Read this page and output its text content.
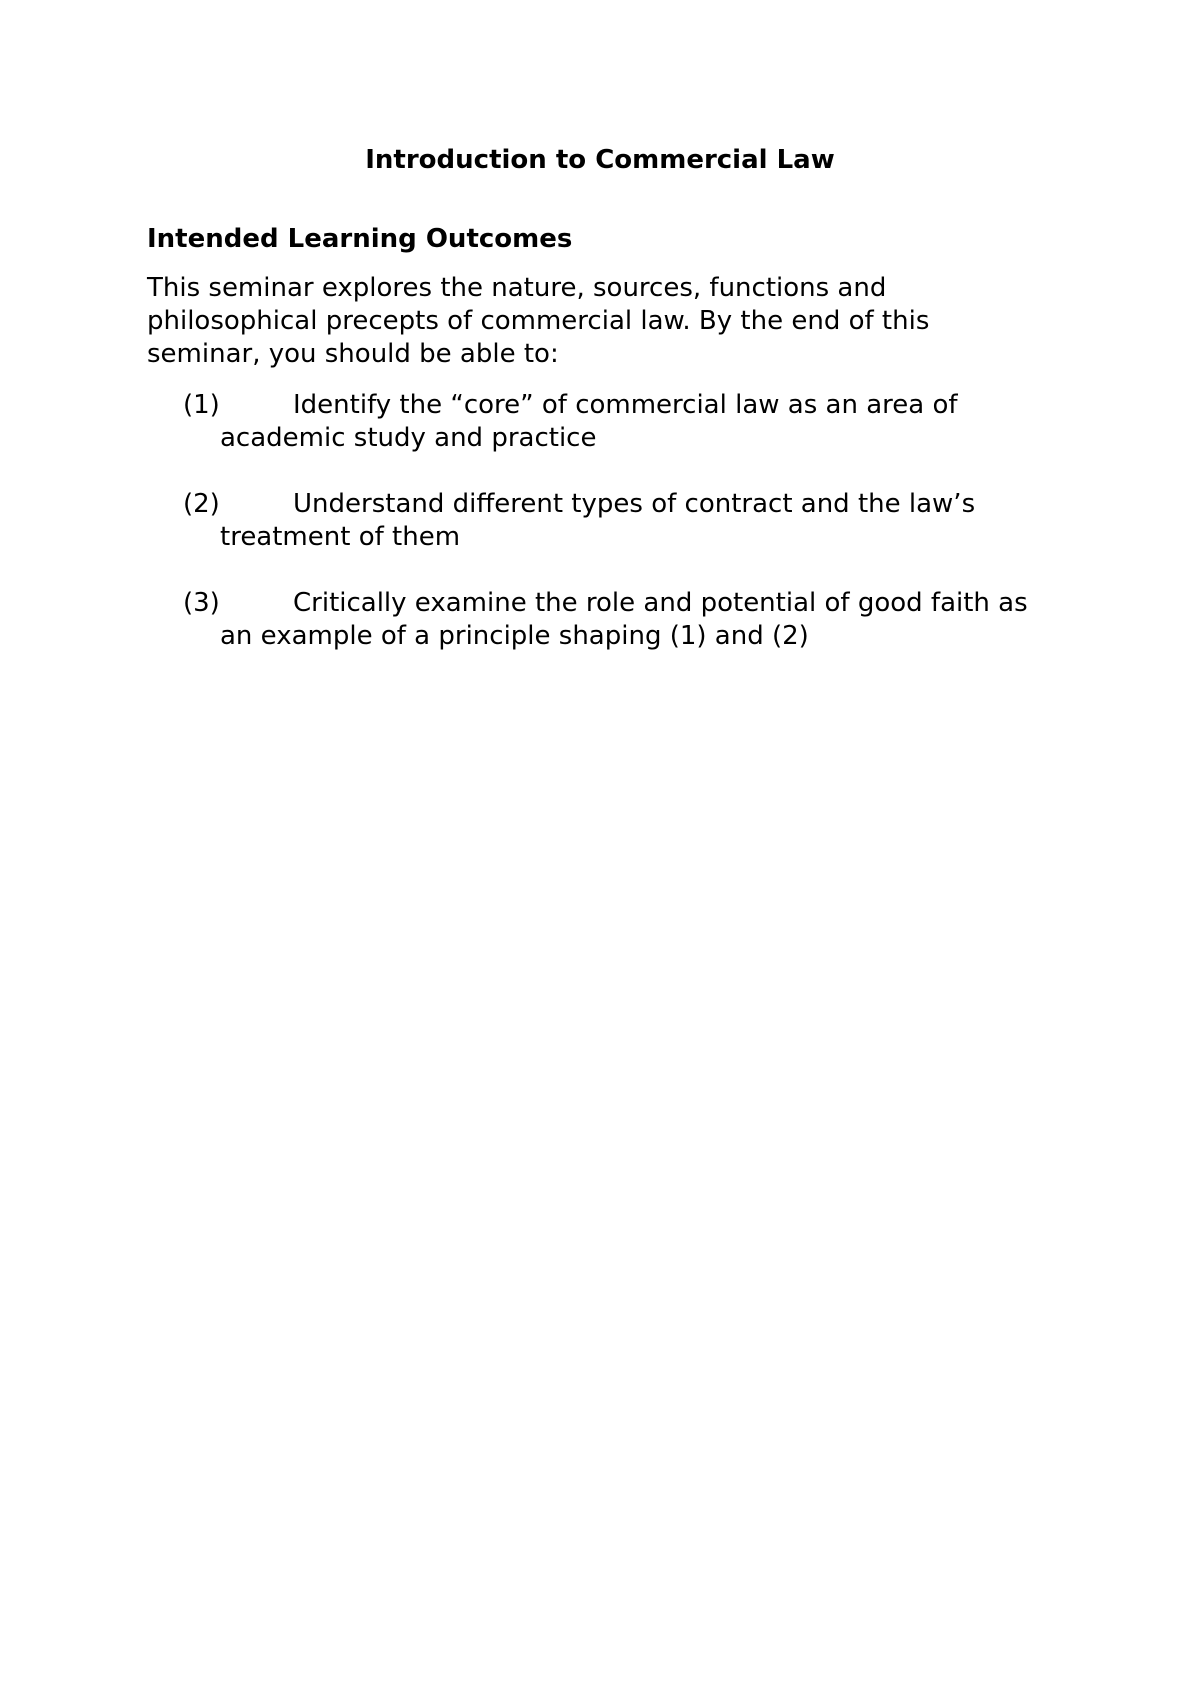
Introduction to Commercial Law
Intended Learning Outcomes

This seminar explores the nature, sources, functions and philosophical precepts of commercial law. By the end of this seminar, you should be able to:

(1)	Identify the “core” of commercial law as an area of academic study and practice
(2)	Understand different types of contract and the law’s treatment of them
(3)	Critically examine the role and potential of good faith as an example of a principle shaping (1) and (2)
